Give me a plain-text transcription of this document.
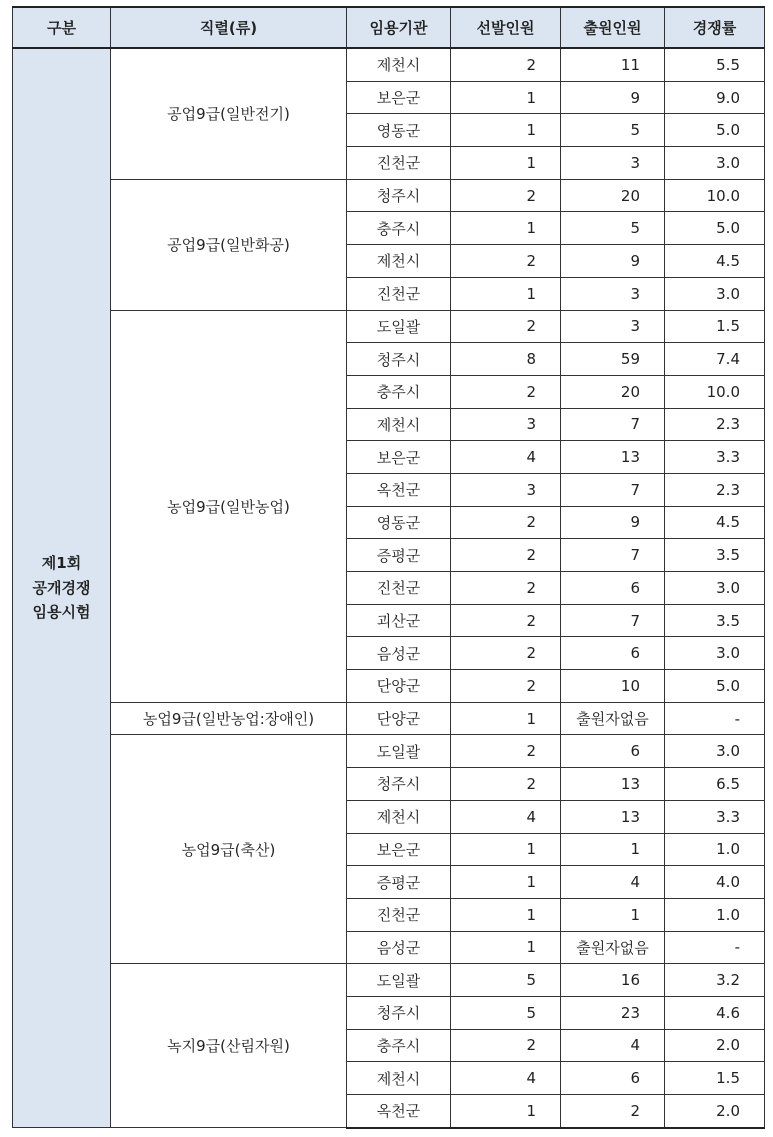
구분	직렬(류)	임용기관	선발인원	출원인원	경쟁률

제1회
공개경쟁
임용시험	공업9급(일반전기)	제천시	2	11	5.5
		보은군	1	9	9.0
		영동군	1	5	5.0
		진천군	1	3	3.0
	공업9급(일반화공)	청주시	2	20	10.0
		충주시	1	5	5.0
		제천시	2	9	4.5
		진천군	1	3	3.0
	농업9급(일반농업)	도일괄	2	3	1.5
		청주시	8	59	7.4
		충주시	2	20	10.0
		제천시	3	7	2.3
		보은군	4	13	3.3
		옥천군	3	7	2.3
		영동군	2	9	4.5
		증평군	2	7	3.5
		진천군	2	6	3.0
		괴산군	2	7	3.5
		음성군	2	6	3.0
		단양군	2	10	5.0
	농업9급(일반농업:장애인)	단양군	1	출원자없음	-
	농업9급(축산)	도일괄	2	6	3.0
		청주시	2	13	6.5
		제천시	4	13	3.3
		보은군	1	1	1.0
		증평군	1	4	4.0
		진천군	1	1	1.0
		음성군	1	출원자없음	-
	녹지9급(산림자원)	도일괄	5	16	3.2
		청주시	5	23	4.6
		충주시	2	4	2.0
		제천시	4	6	1.5
		옥천군	1	2	2.0
